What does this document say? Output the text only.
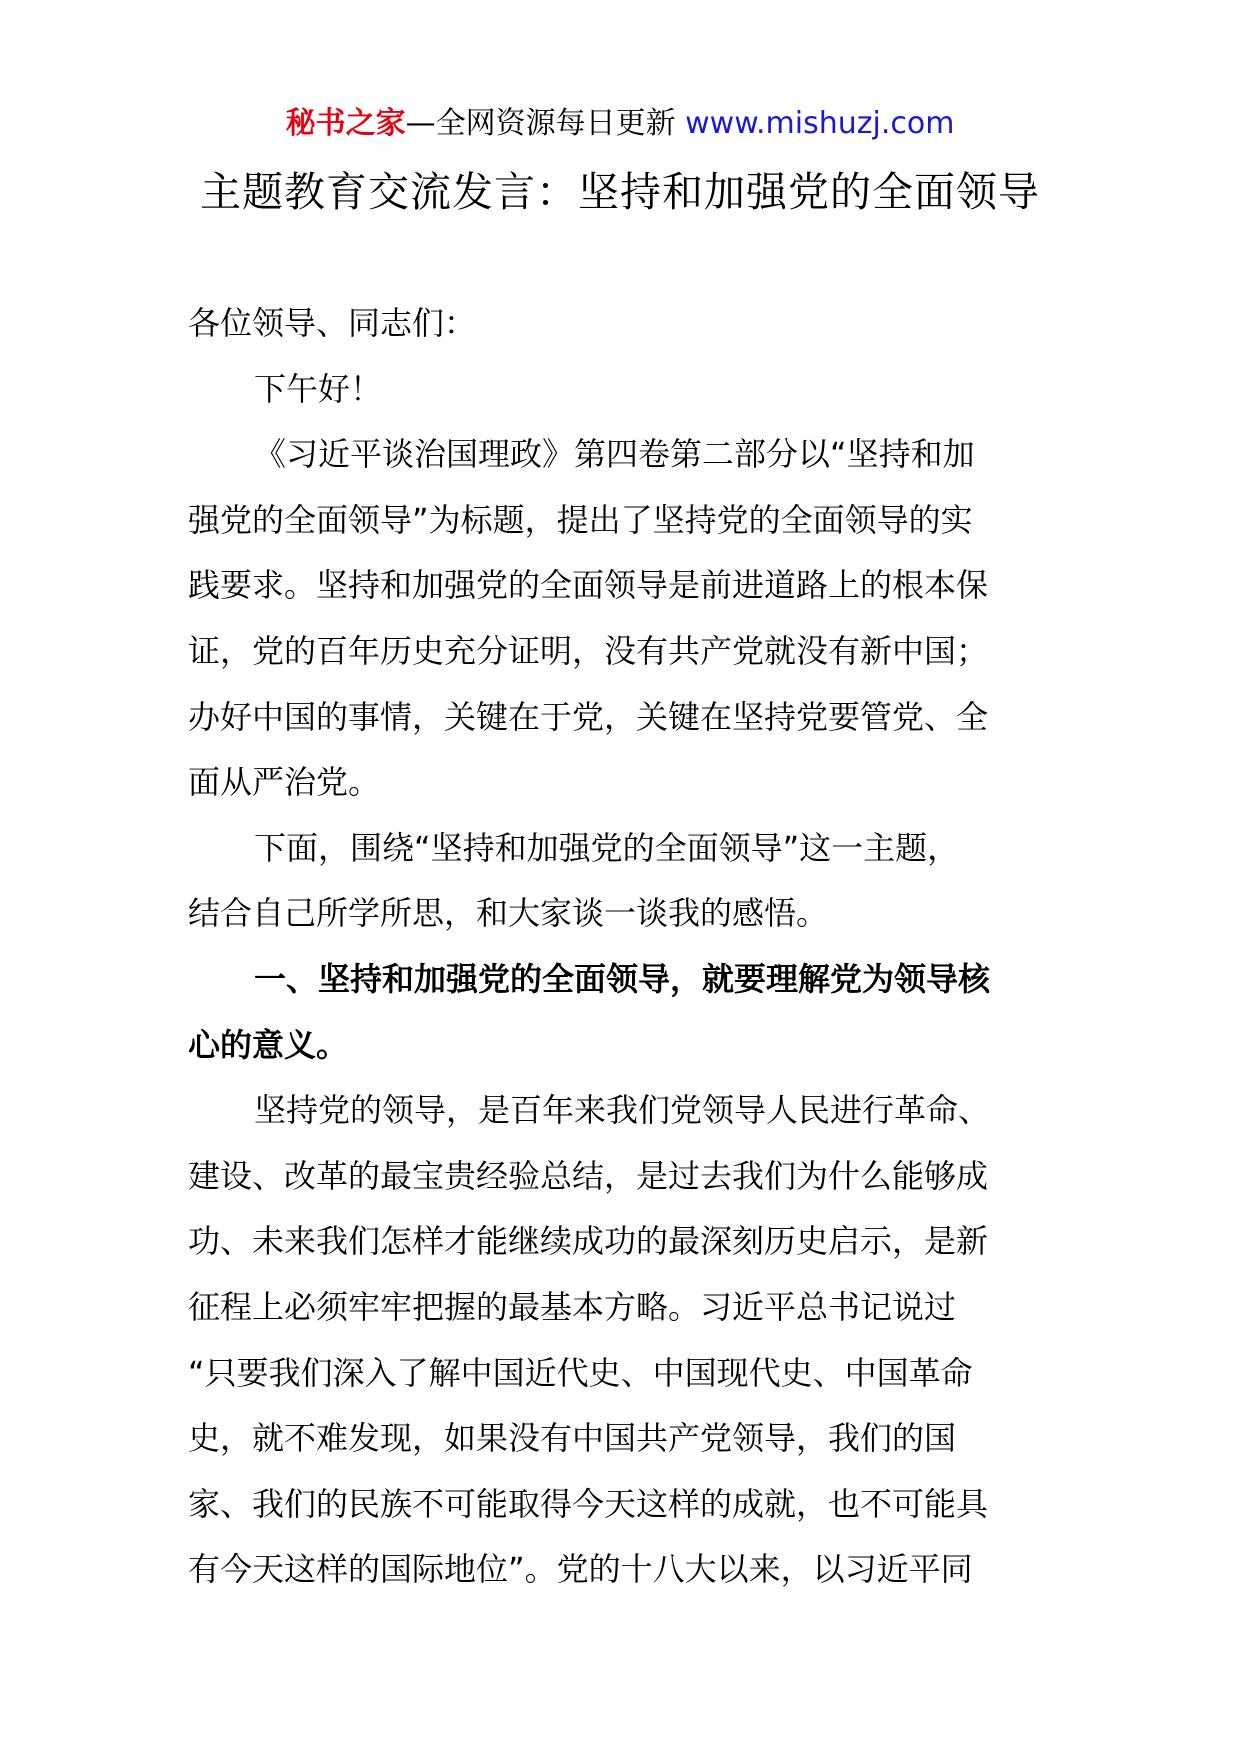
秘书之家—全网资源每日更新 www.mishuzj.com
主题教育交流发言：坚持和加强党的全面领导
各位领导、同志们：
下午好！
《习近平谈治国理政》第四卷第二部分以“坚持和加
强党的全面领导”为标题，提出了坚持党的全面领导的实
践要求。坚持和加强党的全面领导是前进道路上的根本保
证，党的百年历史充分证明，没有共产党就没有新中国；
办好中国的事情，关键在于党，关键在坚持党要管党、全
面从严治党。
下面，围绕“坚持和加强党的全面领导”这一主题，
结合自己所学所思，和大家谈一谈我的感悟。
一、坚持和加强党的全面领导，就要理解党为领导核
心的意义。
坚持党的领导，是百年来我们党领导人民进行革命、
建设、改革的最宝贵经验总结，是过去我们为什么能够成
功、未来我们怎样才能继续成功的最深刻历史启示，是新
征程上必须牢牢把握的最基本方略。习近平总书记说过
“只要我们深入了解中国近代史、中国现代史、中国革命
史，就不难发现，如果没有中国共产党领导，我们的国
家、我们的民族不可能取得今天这样的成就，也不可能具
有今天这样的国际地位”。党的十八大以来，以习近平同
